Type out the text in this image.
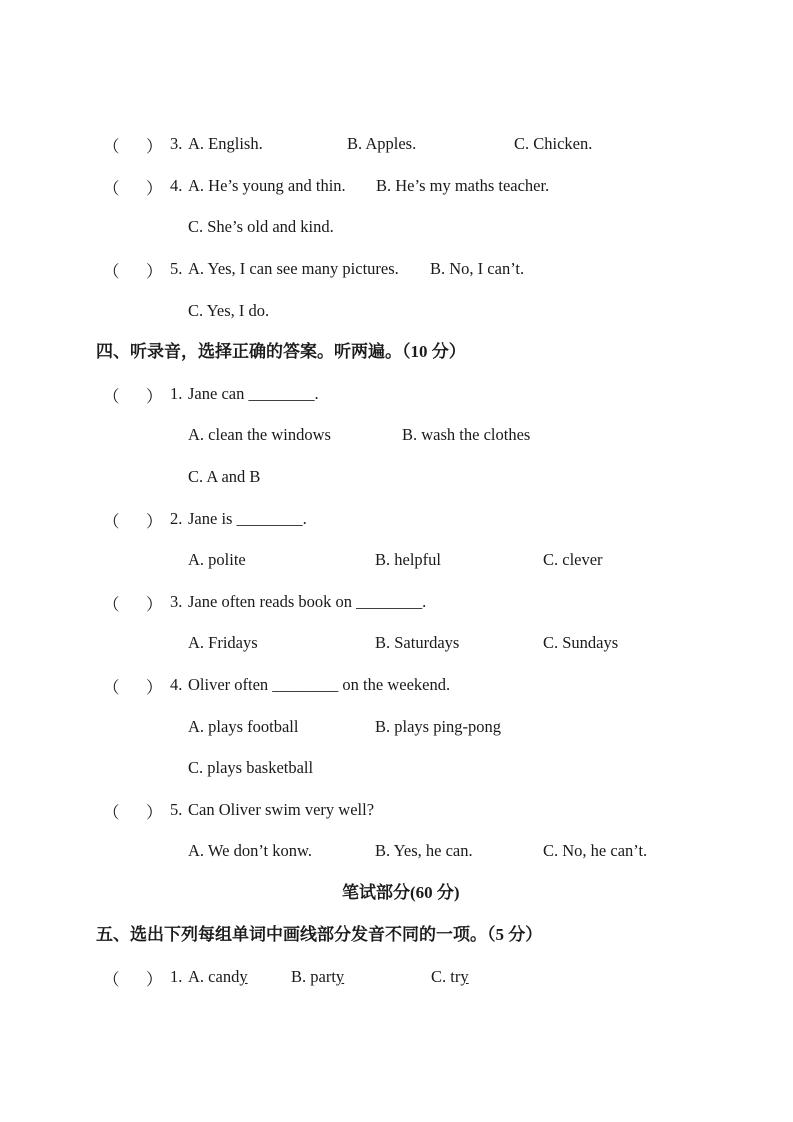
（ ） 3. A. English.	B. Apples.	C. Chicken.
（ ） 4. A. He’s young and thin. B. He’s my maths teacher.
C. She’s old and kind.
（ ） 5. A. Yes, I can see many pictures. B. No, I can’t.
C. Yes, I do.
四、听录音，选择正确的答案。听两遍。（10 分）
（ ） 1. Jane can ________.
A. clean the windows	B. wash the clothes
C. A and B
（ ） 2. Jane is ________.
A. polite	B. helpful	C. clever
（ ） 3. Jane often reads book on ________.
A. Fridays	B. Saturdays	C. Sundays
（ ） 4. Oliver often ________ on the weekend.
A. plays football	B. plays ping-pong
C. plays basketball
（ ） 5. Can Oliver swim very well?
A. We don’t konw.	B. Yes, he can.	C. No, he can’t.
笔试部分(60 分)
五、选出下列每组单词中画线部分发音不同的一项。（5 分）
（ ） 1. A. candy	B. party	C. try
